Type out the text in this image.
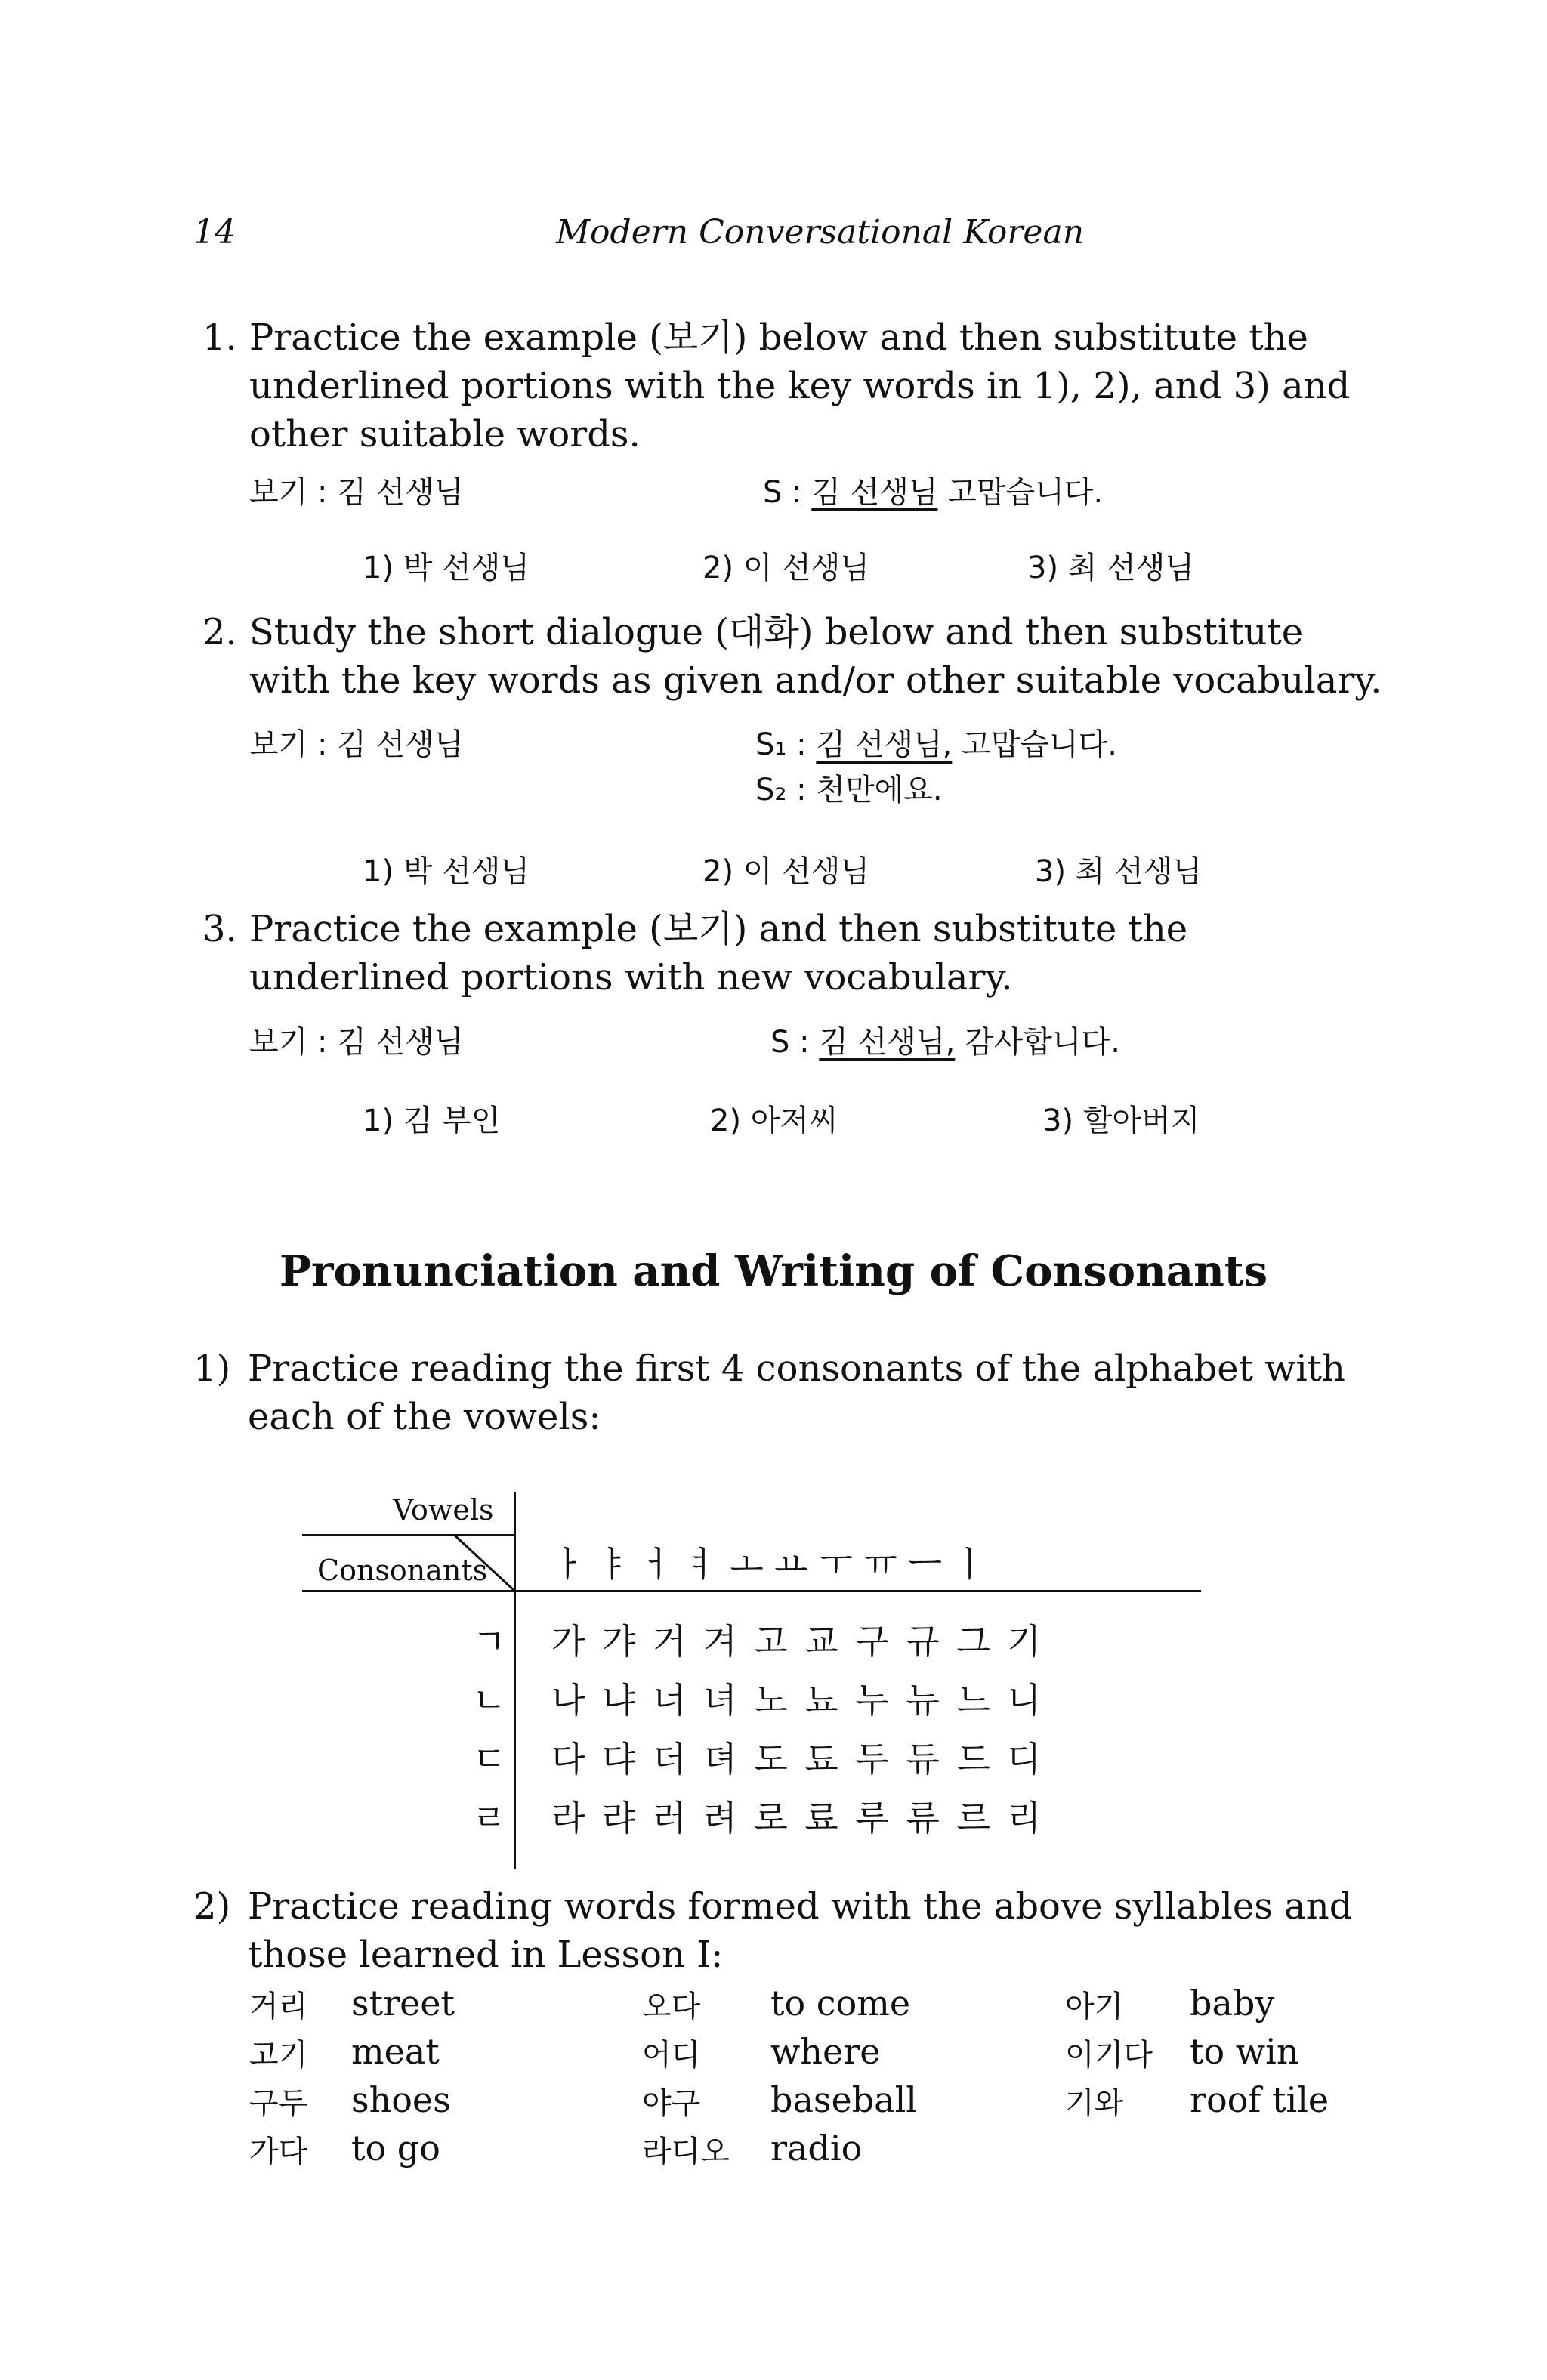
14	Modern Conversational Korean
1. Practice the example (보기) below and then substitute the underlined portions with the key words in 1), 2), and 3) and other suitable words.
보기 : 김 선생님	S : 김 선생님 고맙습니다.
1) 박 선생님	2) 이 선생님	3) 최 선생님
2. Study the short dialogue (대화) below and then substitute with the key words as given and/or other suitable vocabulary.
보기 : 김 선생님	S₁ : 김 선생님, 고맙습니다.
S₂ : 천만에요.
1) 박 선생님	2) 이 선생님	3) 최 선생님
3. Practice the example (보기) and then substitute the underlined portions with new vocabulary.
보기 : 김 선생님	S : 김 선생님, 감사합니다.
1) 김 부인	2) 아저씨	3) 할아버지
Pronunciation and Writing of Consonants
1) Practice reading the first 4 consonants of the alphabet with each of the vowels:
Vowels
Consonants ㅏ ㅑ ㅓ ㅕ ㅗ ㅛ ㅜ ㅠ ㅡ ㅣ
ㄱ 가 갸 거 겨 고 교 구 규 그 기
ㄴ 나 냐 너 녀 노 뇨 누 뉴 느 니
ㄷ 다 댜 더 뎌 도 됴 두 듀 드 디
ㄹ 라 랴 러 려 로 료 루 류 르 리
2) Practice reading words formed with the above syllables and those learned in Lesson I:
거리 street	오다 to come	아기 baby
고기 meat	어디 where	이기다 to win
구두 shoes	야구 baseball	기와 roof tile
가다 to go	라디오 radio
